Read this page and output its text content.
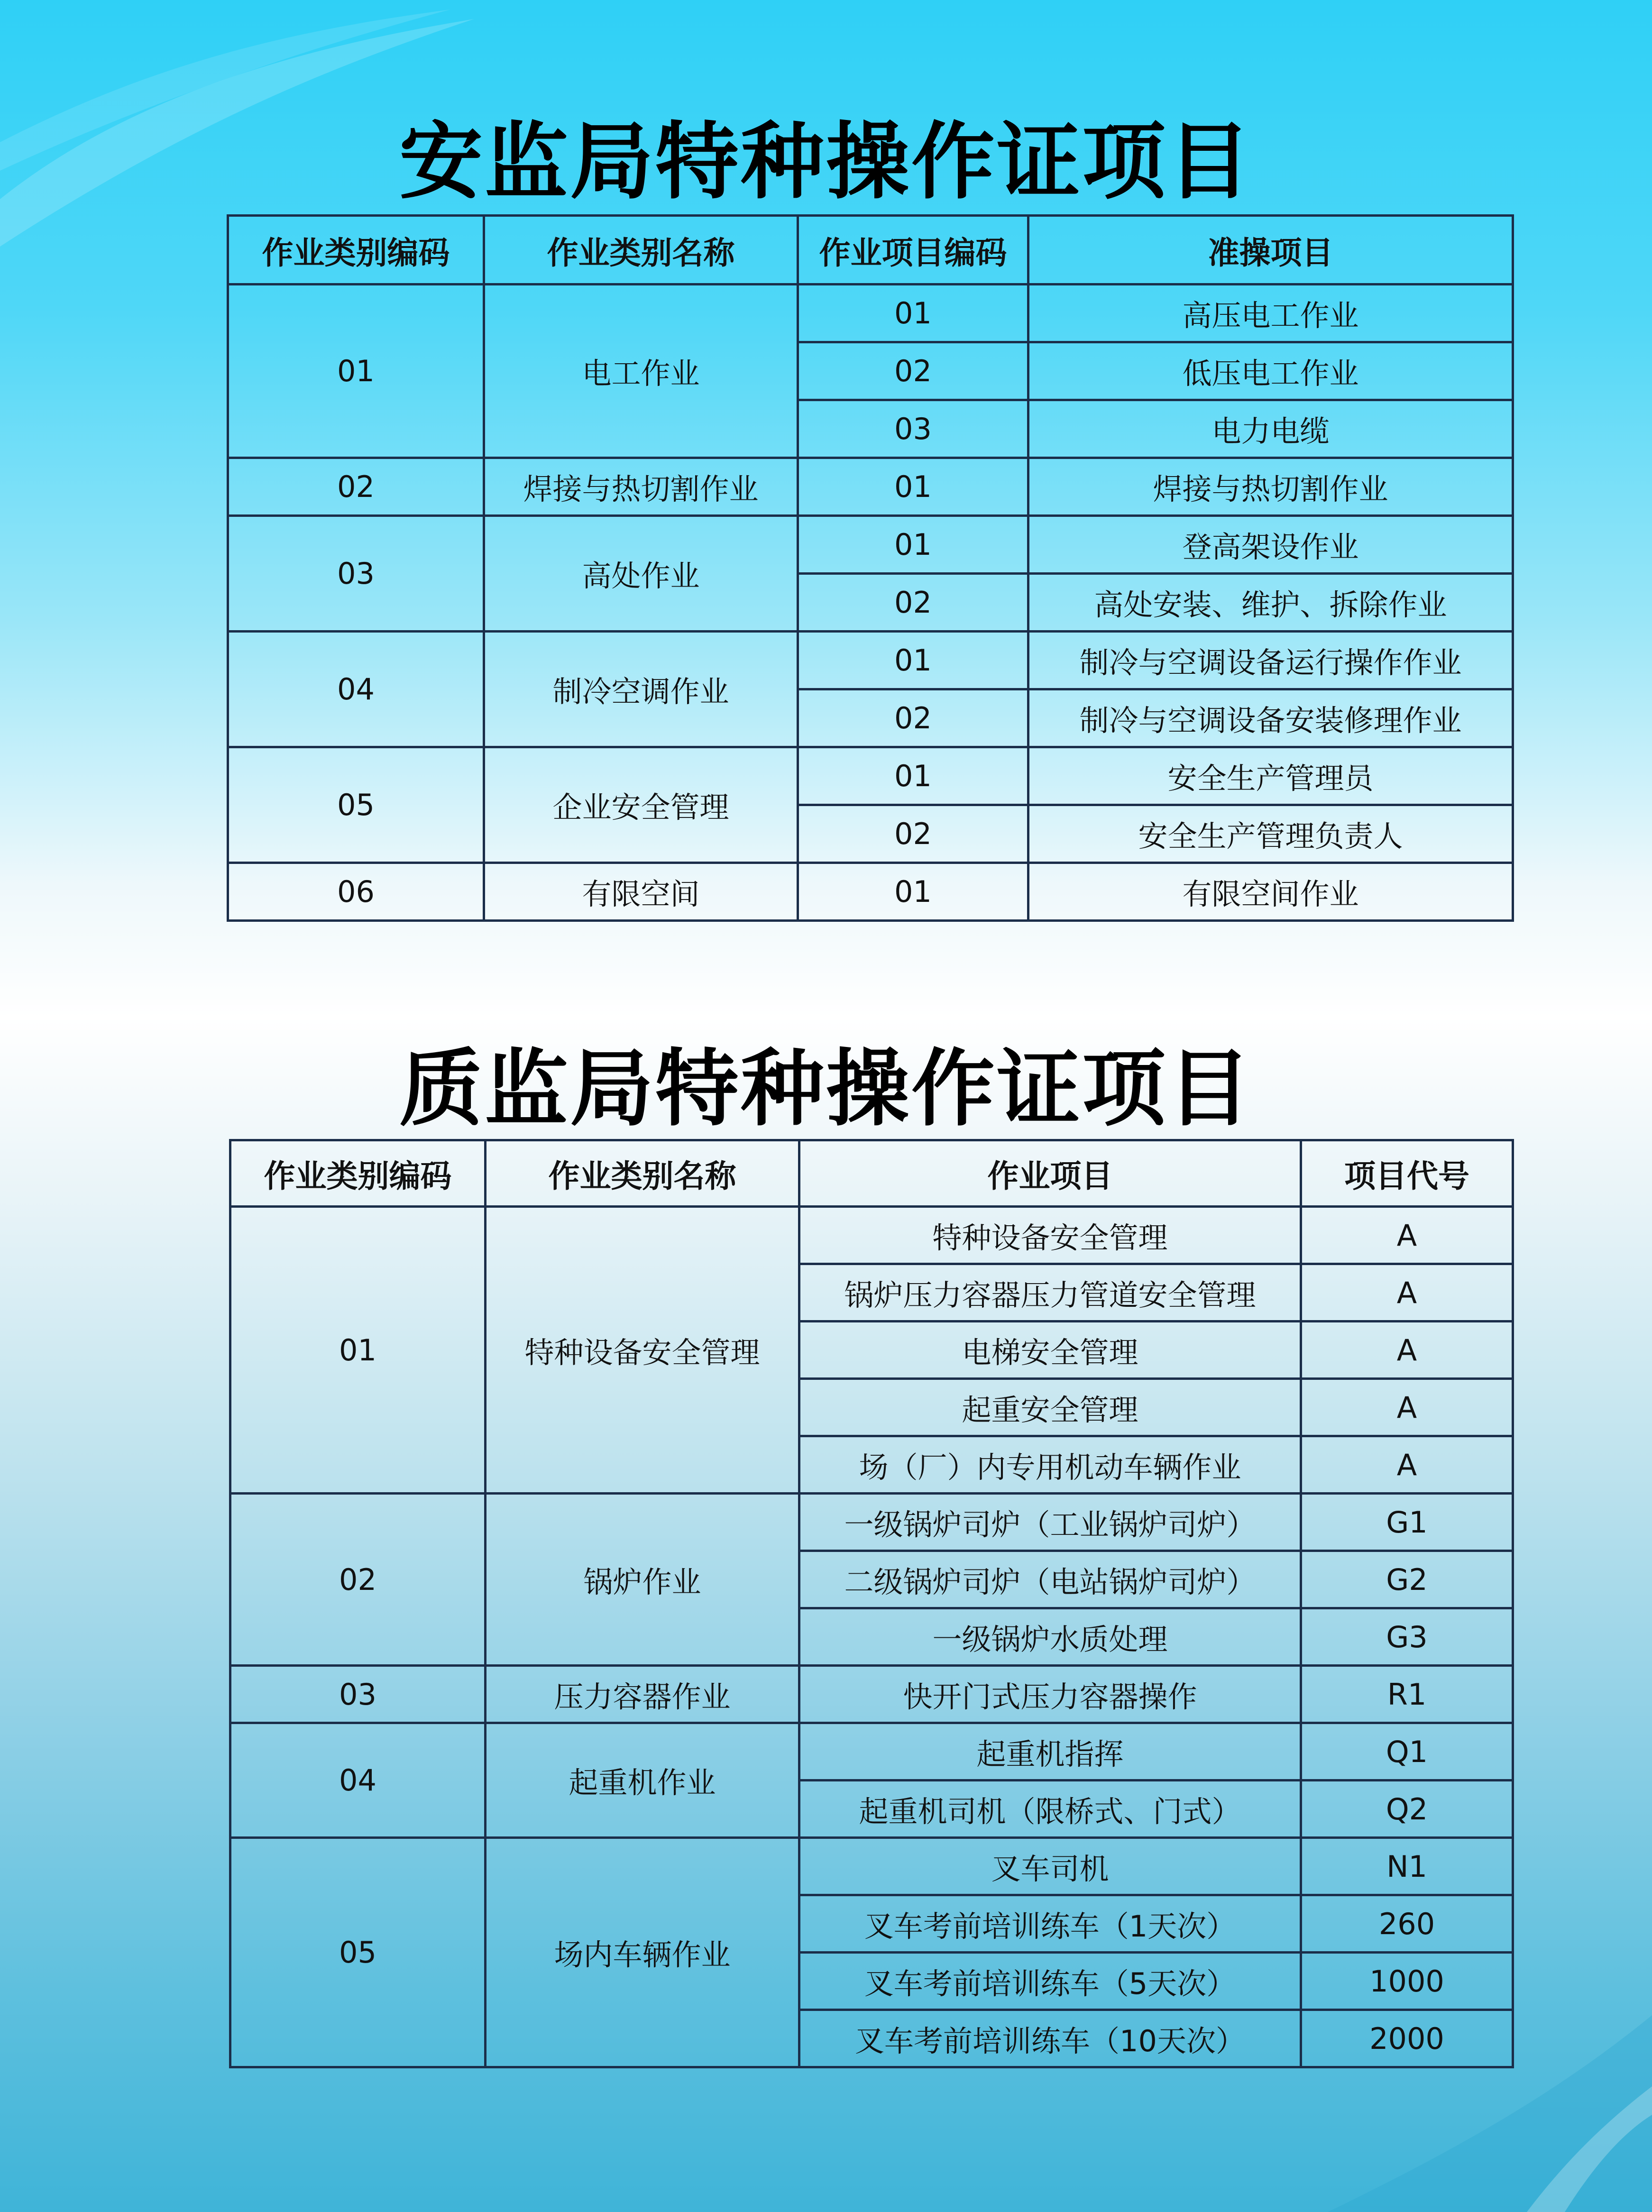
安监局特种操作证项目
作业类别编码	作业类别名称	作业项目编码	准操项目
01	电工作业	01	高压电工作业
		02	低压电工作业
		03	电力电缆
02	焊接与热切割作业	01	焊接与热切割作业
03	高处作业	01	登高架设作业
		02	高处安装、维护、拆除作业
04	制冷空调作业	01	制冷与空调设备运行操作作业
		02	制冷与空调设备安装修理作业
05	企业安全管理	01	安全生产管理员
		02	安全生产管理负责人
06	有限空间	01	有限空间作业
质监局特种操作证项目
作业类别编码	作业类别名称	作业项目	项目代号
01	特种设备安全管理	特种设备安全管理	A
		锅炉压力容器压力管道安全管理	A
		电梯安全管理	A
		起重安全管理	A
		场（厂）内专用机动车辆作业	A
02	锅炉作业	一级锅炉司炉（工业锅炉司炉）	G1
		二级锅炉司炉（电站锅炉司炉）	G2
		一级锅炉水质处理	G3
03	压力容器作业	快开门式压力容器操作	R1
04	起重机作业	起重机指挥	Q1
		起重机司机（限桥式、门式）	Q2
05	场内车辆作业	叉车司机	N1
		叉车考前培训练车（1天次）	260
		叉车考前培训练车（5天次）	1000
		叉车考前培训练车（10天次）	2000
